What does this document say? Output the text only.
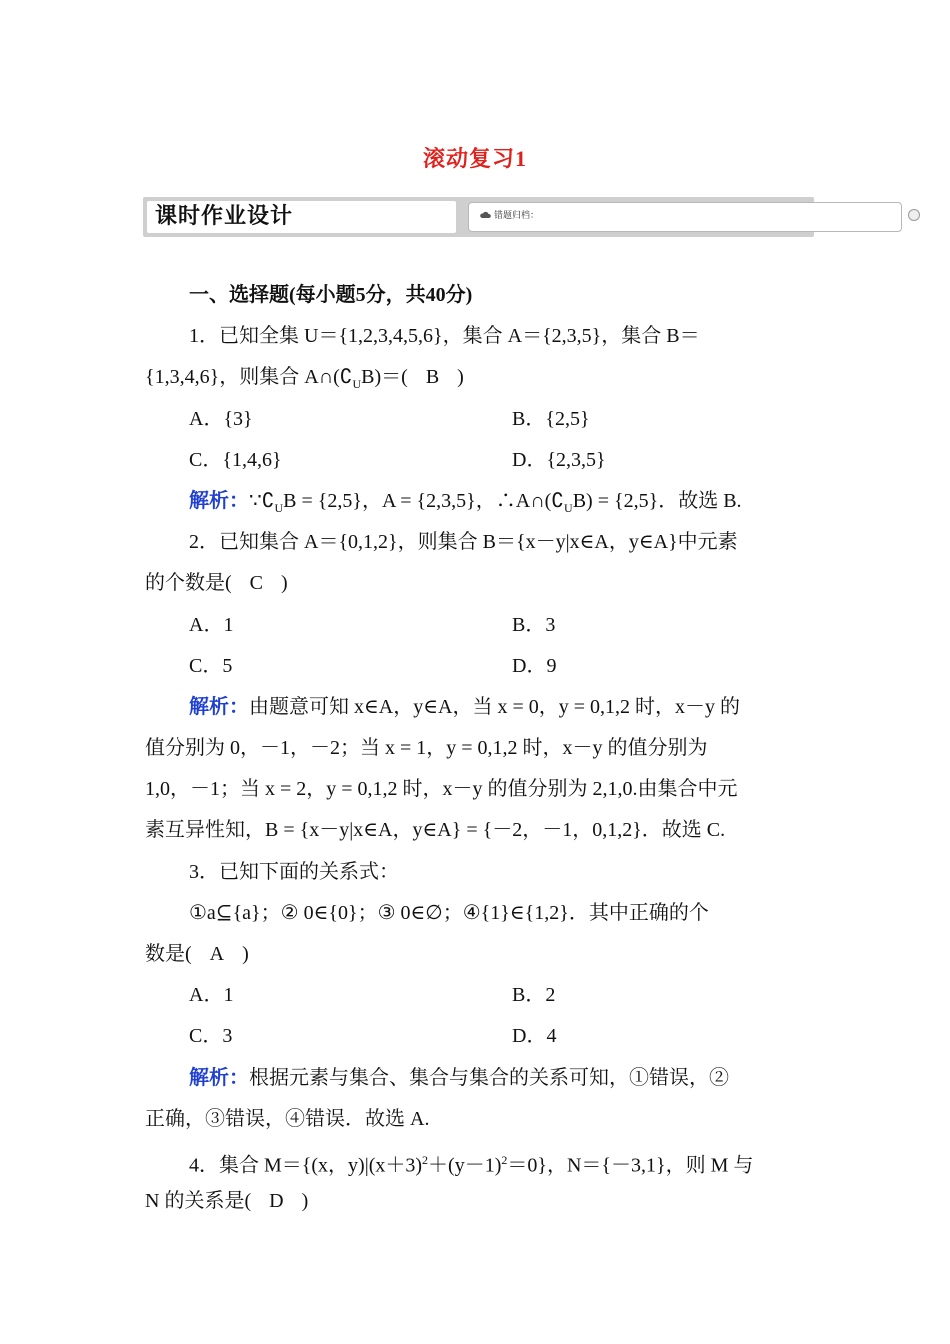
滚动复习1
课时作业设计	错题归档：
一、选择题(每小题5分，共40分)
1．已知全集 U＝{1,2,3,4,5,6}，集合 A＝{2,3,5}，集合 B＝
{1,3,4,6}，则集合 $A\cap(∁_UB)=$( B )
A．{3}	B．{2,5}
C．{1,4,6}	D．{2,3,5}
解析：$\because∁_UB = \{2,5\}$，A = {2,3,5}，$\therefore A\cap(∁_UB) = \{2,5\}$．故选 B.
2．已知集合 A＝{0,1,2}，则集合 B＝{x－y|x∈A，y∈A}中元素
的个数是( C )
A．1	B．3
C．5	D．9
解析：由题意可知 x∈A，y∈A，当 x = 0，y = 0,1,2 时，x－y 的
值分别为 0，－1，－2；当 x = 1，y = 0,1,2 时，x－y 的值分别为
1,0，－1；当 x = 2，y = 0,1,2 时，x－y 的值分别为 2,1,0.由集合中元
素互异性知，B = {x－y|x∈A，y∈A} = {－2，－1，0,1,2}．故选 C.
3．已知下面的关系式：
①a⊆{a}；② 0∈{0}；③ 0∈∅；④{1}∈{1,2}．其中正确的个
数是( A )
A．1	B．2
C．3	D．4
解析：根据元素与集合、集合与集合的关系可知，①错误，②
正确，③错误，④错误．故选 A.
4．集合 M＝{(x，$y)|(x+3)^2+(y-1)^2=0$}，N＝{－3,1}，则 M 与
N 的关系是( D )
